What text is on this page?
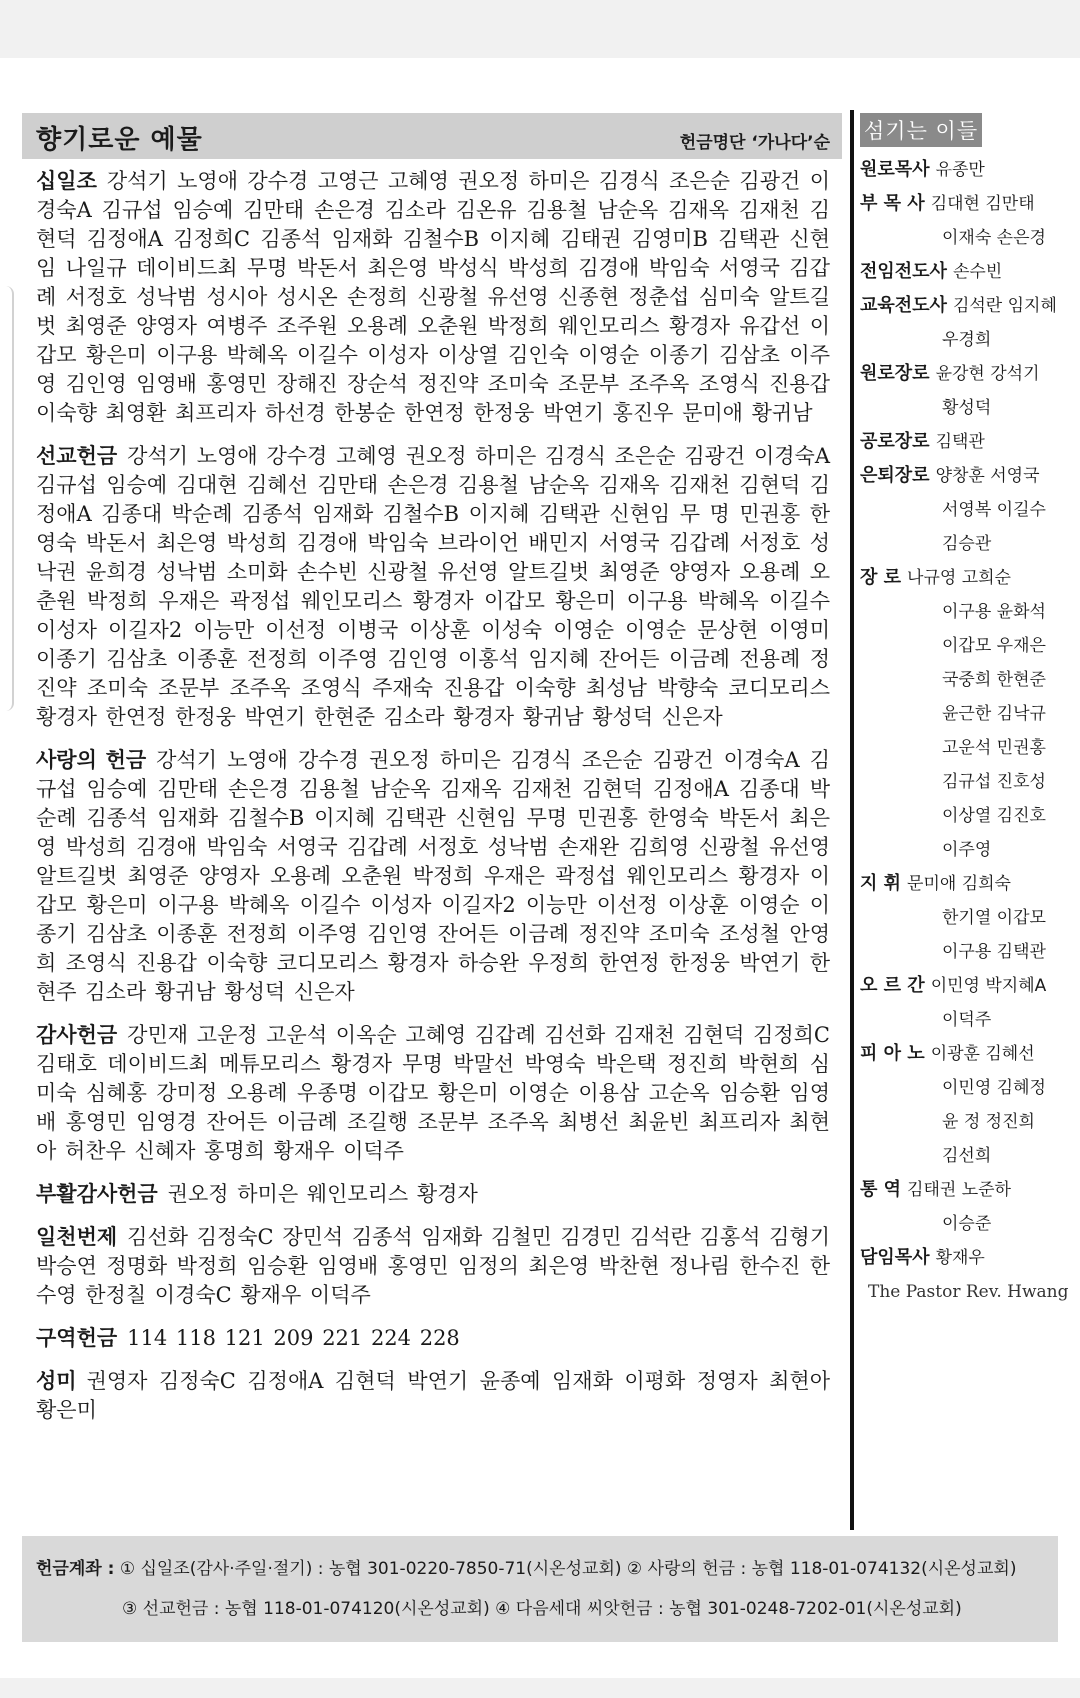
향기로운 예물	헌금명단 ‘가나다’순
십일조 강석기 노영애 강수경 고영근 고혜영 권오정 하미은 김경식 조은순 김광건 이경숙A 김규섭 임승예 김만태 손은경 김소라 김온유 김용철 남순옥 김재옥 김재천 김현덕 김정애A 김정희C 김종석 임재화 김철수B 이지혜 김태권 김영미B 김택관 신현임 나일규 데이비드최 무명 박돈서 최은영 박성식 박성희 김경애 박임숙 서영국 김갑례 서정호 성낙범 성시아 성시온 손정희 신광철 유선영 신종현 정춘섭 심미숙 알트길벗 최영준 양영자 여병주 조주원 오용례 오춘원 박정희 웨인모리스 황경자 유갑선 이갑모 황은미 이구용 박혜옥 이길수 이성자 이상열 김인숙 이영순 이종기 김삼초 이주영 김인영 임영배 홍영민 장해진 장순석 정진약 조미숙 조문부 조주옥 조영식 진용갑 이숙향 최영환 최프리자 하선경 한봉순 한연정 한정웅 박연기 홍진우 문미애 황귀남
선교헌금 강석기 노영애 강수경 고혜영 권오정 하미은 김경식 조은순 김광건 이경숙A 김규섭 임승예 김대현 김혜선 김만태 손은경 김용철 남순옥 김재옥 김재천 김현덕 김정애A 김종대 박순례 김종석 임재화 김철수B 이지혜 김택관 신현임 무 명 민권홍 한영숙 박돈서 최은영 박성희 김경애 박임숙 브라이언 배민지 서영국 김갑례 서정호 성낙권 윤희경 성낙범 소미화 손수빈 신광철 유선영 알트길벗 최영준 양영자 오용례 오춘원 박정희 우재은 곽정섭 웨인모리스 황경자 이갑모 황은미 이구용 박혜옥 이길수 이성자 이길자2 이능만 이선정 이병국 이상훈 이성숙 이영순 이영순 문상현 이영미 이종기 김삼초 이종훈 전정희 이주영 김인영 이홍석 임지혜 잔어든 이금례 전용례 정진약 조미숙 조문부 조주옥 조영식 주재숙 진용갑 이숙향 최성남 박향숙 코디모리스 황경자 한연정 한정웅 박연기 한현준 김소라 황경자 황귀남 황성덕 신은자
사랑의 헌금 강석기 노영애 강수경 권오정 하미은 김경식 조은순 김광건 이경숙A 김규섭 임승예 김만태 손은경 김용철 남순옥 김재옥 김재천 김현덕 김정애A 김종대 박순례 김종석 임재화 김철수B 이지혜 김택관 신현임 무명 민권홍 한영숙 박돈서 최은영 박성희 김경애 박임숙 서영국 김갑례 서정호 성낙범 손재완 김희영 신광철 유선영 알트길벗 최영준 양영자 오용례 오춘원 박정희 우재은 곽정섭 웨인모리스 황경자 이갑모 황은미 이구용 박혜옥 이길수 이성자 이길자2 이능만 이선정 이상훈 이영순 이종기 김삼초 이종훈 전정희 이주영 김인영 잔어든 이금례 정진약 조미숙 조성철 안영희 조영식 진용갑 이숙향 코디모리스 황경자 하승완 우정희 한연정 한정웅 박연기 한현주 김소라 황귀남 황성덕 신은자
감사헌금 강민재 고운정 고운석 이옥순 고혜영 김갑례 김선화 김재천 김현덕 김정희C 김태호 데이비드최 메튜모리스 황경자 무명 박말선 박영숙 박은택 정진희 박현희 심미숙 심혜홍 강미정 오용례 우종명 이갑모 황은미 이영순 이용삼 고순옥 임승환 임영배 홍영민 임영경 잔어든 이금례 조길행 조문부 조주옥 최병선 최윤빈 최프리자 최현아 허찬우 신혜자 홍명희 황재우 이덕주
부활감사헌금 권오정 하미은 웨인모리스 황경자
일천번제 김선화 김정숙C 장민석 김종석 임재화 김철민 김경민 김석란 김홍석 김형기 박승연 정명화 박정희 임승환 임영배 홍영민 임정의 최은영 박찬현 정나림 한수진 한수영 한정칠 이경숙C 황재우 이덕주
구역헌금 114 118 121 209 221 224 228
성미 권영자 김정숙C 김정애A 김현덕 박연기 윤종예 임재화 이평화 정영자 최현아 황은미
섬기는 이들
원로목사 유종만
부 목 사 김대현 김만태
이재숙 손은경
전임전도사 손수빈
교육전도사 김석란 임지혜
우경희
원로장로 윤강현 강석기
황성덕
공로장로 김택관
은퇴장로 양창훈 서영국
서영복 이길수
김승관
장 로 나규영 고희순
이구용 윤화석
이갑모 우재은
국중희 한현준
윤근한 김낙규
고운석 민권홍
김규섭 진호성
이상열 김진호
이주영
지 휘 문미애 김희숙
한기열 이갑모
이구용 김택관
오 르 간 이민영 박지혜A
이덕주
피 아 노 이광훈 김혜선
이민영 김혜정
윤 정 정진희
김선희
통 역 김태권 노준하
이승준
담임목사 황재우
The Pastor Rev. Hwang
헌금계좌 : ① 십일조(감사·주일·절기) : 농협 301-0220-7850-71(시온성교회) ② 사랑의 헌금 : 농협 118-01-074132(시온성교회)
③ 선교헌금 : 농협 118-01-074120(시온성교회) ④ 다음세대 씨앗헌금 : 농협 301-0248-7202-01(시온성교회)
